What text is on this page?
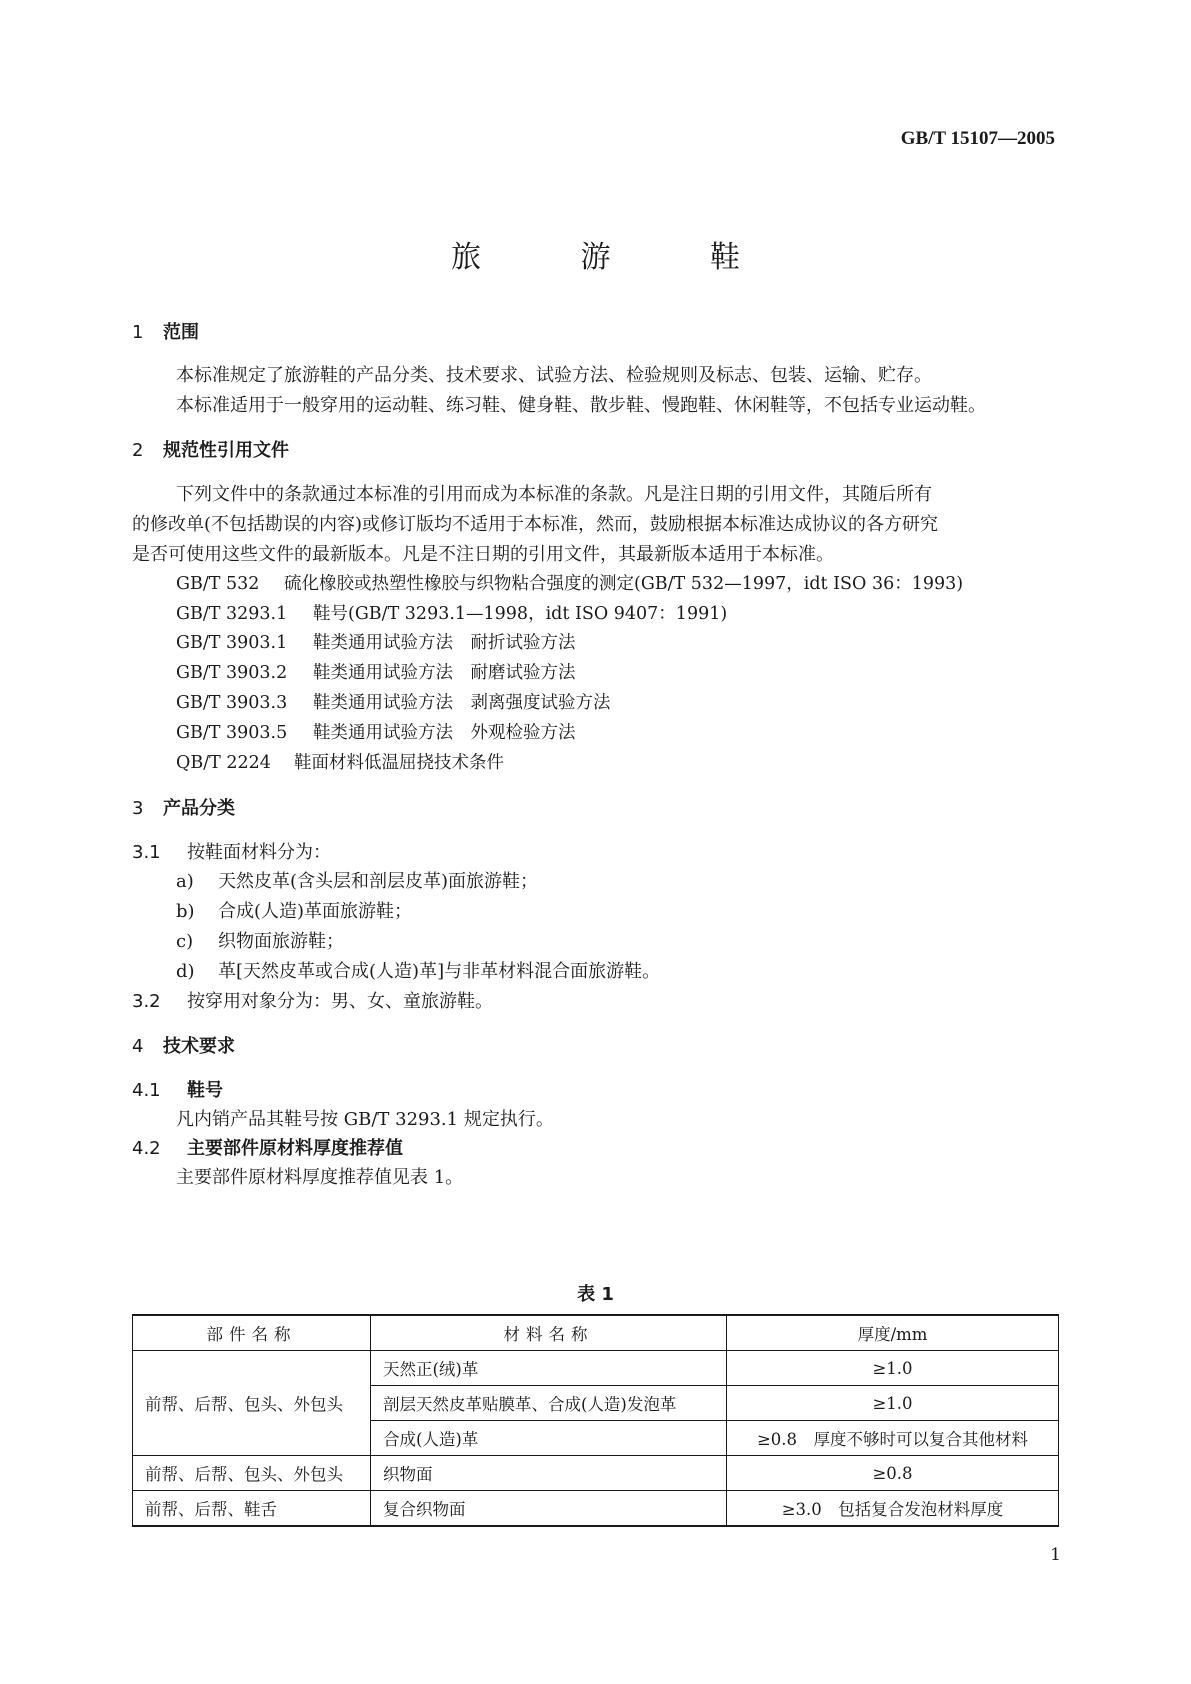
GB/T 15107—2005
旅 游 鞋
1 范围
本标准规定了旅游鞋的产品分类、技术要求、试验方法、检验规则及标志、包装、运输、贮存。
本标准适用于一般穿用的运动鞋、练习鞋、健身鞋、散步鞋、慢跑鞋、休闲鞋等，不包括专业运动鞋。
2 规范性引用文件
下列文件中的条款通过本标准的引用而成为本标准的条款。凡是注日期的引用文件，其随后所有
的修改单(不包括勘误的内容)或修订版均不适用于本标准，然而，鼓励根据本标准达成协议的各方研究
是否可使用这些文件的最新版本。凡是不注日期的引用文件，其最新版本适用于本标准。
GB/T 532 硫化橡胶或热塑性橡胶与织物粘合强度的测定(GB/T 532—1997，idt ISO 36：1993)
GB/T 3293.1 鞋号(GB/T 3293.1—1998，idt ISO 9407：1991)
GB/T 3903.1 鞋类通用试验方法　耐折试验方法
GB/T 3903.2 鞋类通用试验方法　耐磨试验方法
GB/T 3903.3 鞋类通用试验方法　剥离强度试验方法
GB/T 3903.5 鞋类通用试验方法　外观检验方法
QB/T 2224 鞋面材料低温屈挠技术条件
3 产品分类
3.1 按鞋面材料分为：
a) 天然皮革(含头层和剖层皮革)面旅游鞋；
b) 合成(人造)革面旅游鞋；
c) 织物面旅游鞋；
d) 革[天然皮革或合成(人造)革]与非革材料混合面旅游鞋。
3.2 按穿用对象分为：男、女、童旅游鞋。
4 技术要求
4.1 鞋号
凡内销产品其鞋号按 GB/T 3293.1 规定执行。
4.2 主要部件原材料厚度推荐值
主要部件原材料厚度推荐值见表 1。
表 1
部件名称	材料名称	厚度/mm
前帮、后帮、包头、外包头	天然正(绒)革	≥1.0
	剖层天然皮革贴膜革、合成(人造)发泡革	≥1.0
	合成(人造)革	≥0.8　厚度不够时可以复合其他材料
前帮、后帮、包头、外包头	织物面	≥0.8
前帮、后帮、鞋舌	复合织物面	≥3.0　包括复合发泡材料厚度
1
